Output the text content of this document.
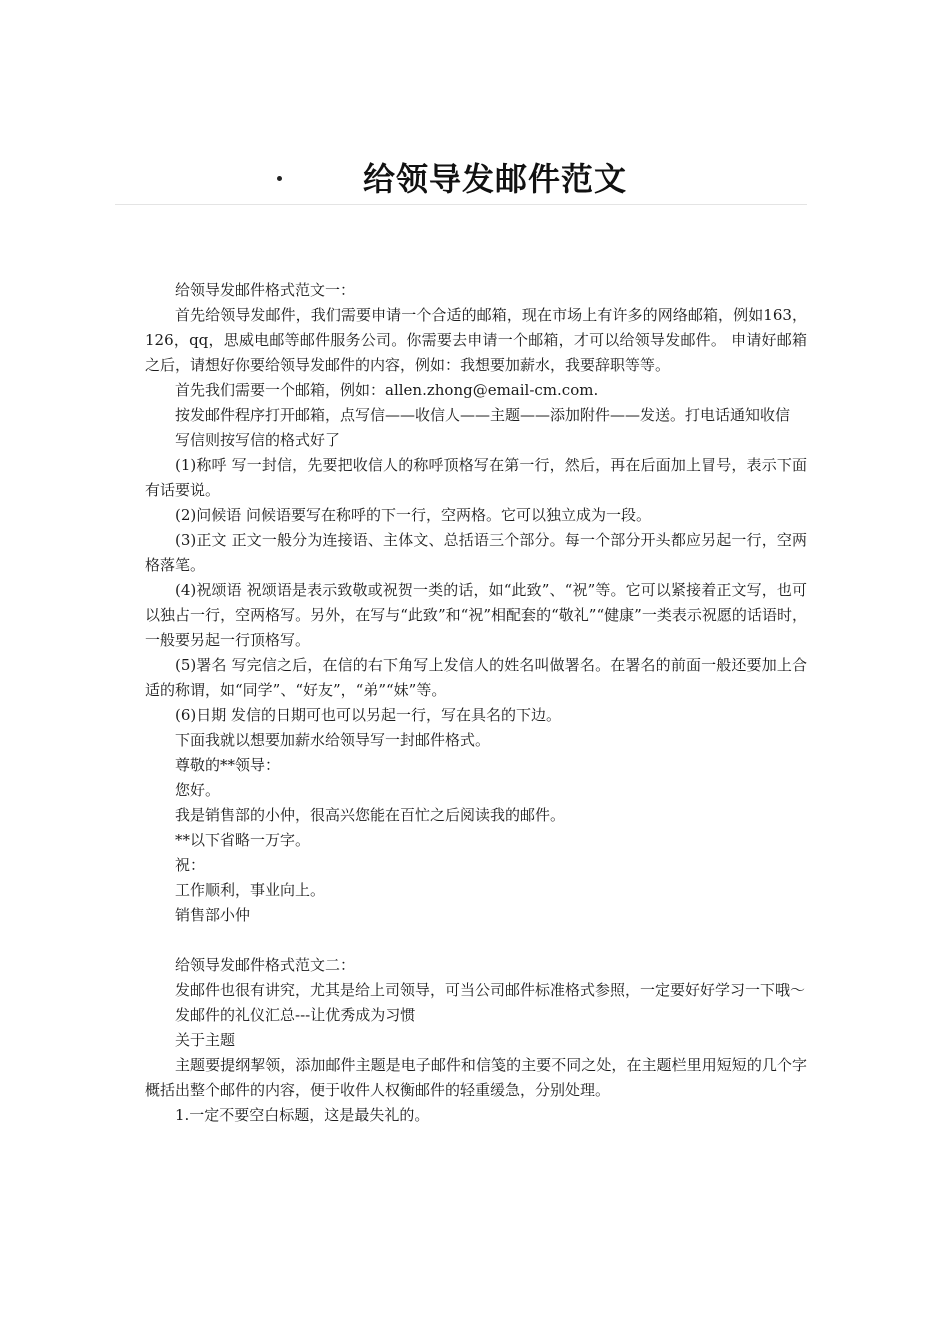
给领导发邮件范文

给领导发邮件格式范文一：

首先给领导发邮件，我们需要申请一个合适的邮箱，现在市场上有许多的网络邮箱，例如163，126，qq，思威电邮等邮件服务公司。你需要去申请一个邮箱，才可以给领导发邮件。 申请好邮箱之后，请想好你要给领导发邮件的内容，例如：我想要加薪水，我要辞职等等。

首先我们需要一个邮箱，例如：allen.zhong@email-cm.com.

按发邮件程序打开邮箱，点写信——收信人——主题——添加附件——发送。打电话通知收信

写信则按写信的格式好了

(1)称呼 写一封信，先要把收信人的称呼顶格写在第一行，然后，再在后面加上冒号，表示下面有话要说。

(2)问候语 问候语要写在称呼的下一行，空两格。它可以独立成为一段。

(3)正文 正文一般分为连接语、主体文、总括语三个部分。每一个部分开头都应另起一行，空两格落笔。

(4)祝颂语 祝颂语是表示致敬或祝贺一类的话，如“此致”、“祝”等。它可以紧接着正文写，也可以独占一行，空两格写。另外，在写与“此致”和“祝”相配套的“敬礼”“健康”一类表示祝愿的话语时，一般要另起一行顶格写。

(5)署名 写完信之后，在信的右下角写上发信人的姓名叫做署名。在署名的前面一般还要加上合适的称谓，如“同学”、“好友”，“弟”“妹”等。

(6)日期 发信的日期可也可以另起一行，写在具名的下边。

下面我就以想要加薪水给领导写一封邮件格式。

尊敬的**领导：

您好。

我是销售部的小仲，很高兴您能在百忙之后阅读我的邮件。

**以下省略一万字。

祝：

工作顺利，事业向上。

销售部小仲

给领导发邮件格式范文二：

发邮件也很有讲究，尤其是给上司领导，可当公司邮件标准格式参照，一定要好好学习一下哦～

发邮件的礼仪汇总---让优秀成为习惯

关于主题

主题要提纲挈领，添加邮件主题是电子邮件和信笺的主要不同之处，在主题栏里用短短的几个字概括出整个邮件的内容，便于收件人权衡邮件的轻重缓急，分别处理。

1.一定不要空白标题，这是最失礼的。
